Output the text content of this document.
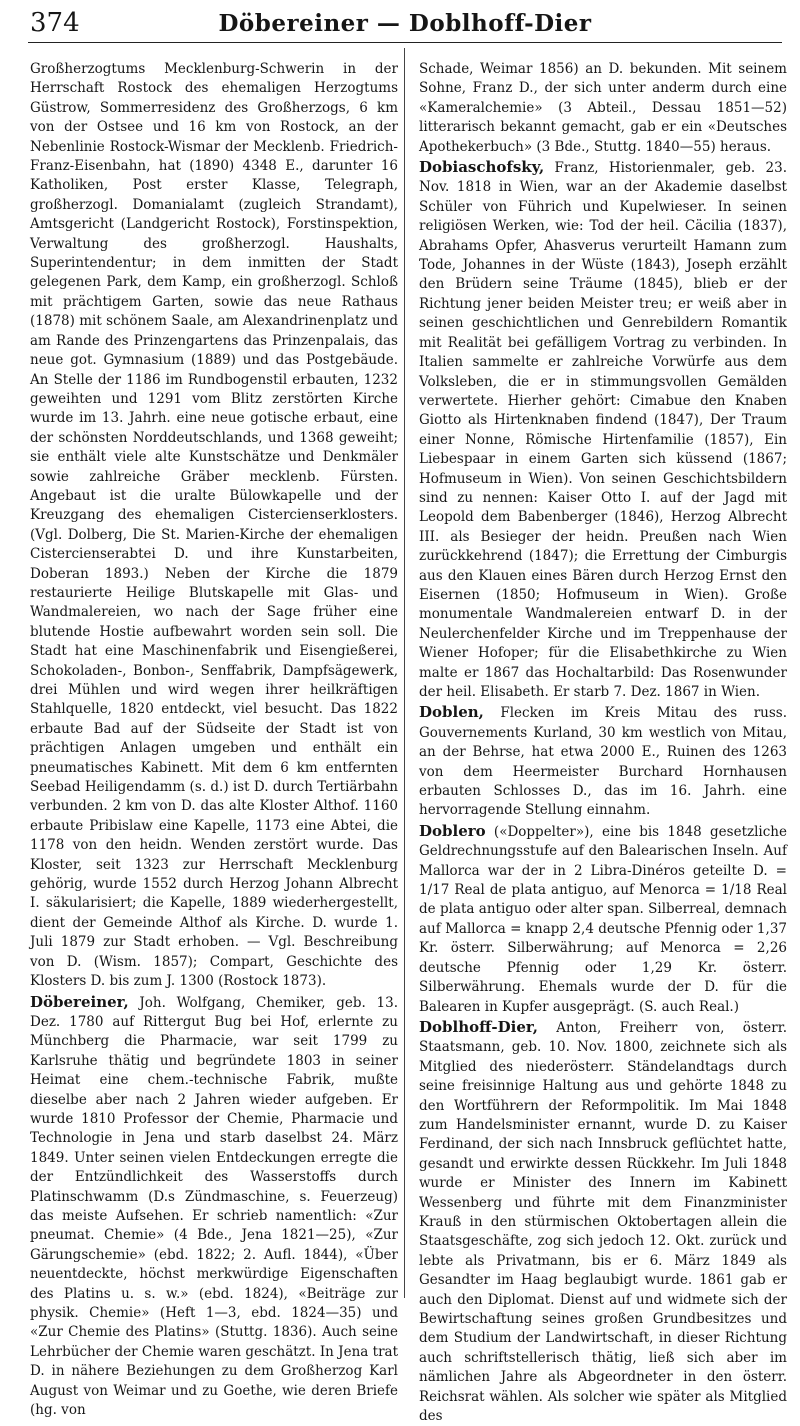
374	Döbereiner — Doblhoff-Dier

Großherzogtums Mecklenburg-Schwerin in der Herrschaft Rostock des ehemaligen Herzogtums Güstrow, Sommerresidenz des Großherzogs, 6 km von der Ostsee und 16 km von Rostock, an der Nebenlinie Rostock-Wismar der Mecklenb. Friedrich-Franz-Eisenbahn, hat (1890) 4348 E., darunter 16 Katholiken, Post erster Klasse, Telegraph, großherzogl. Domanialamt (zugleich Strandamt), Amtsgericht (Landgericht Rostock), Forstinspektion, Verwaltung des großherzogl. Haushalts, Superintendentur; in dem inmitten der Stadt gelegenen Park, dem Kamp, ein großherzogl. Schloß mit prächtigem Garten, sowie das neue Rathaus (1878) mit schönem Saale, am Alexandrinenplatz und am Rande des Prinzengartens das Prinzenpalais, das neue got. Gymnasium (1889) und das Postgebäude. An Stelle der 1186 im Rundbogenstil erbauten, 1232 geweihten und 1291 vom Blitz zerstörten Kirche wurde im 13. Jahrh. eine neue gotische erbaut, eine der schönsten Norddeutschlands, und 1368 geweiht; sie enthält viele alte Kunstschätze und Denkmäler sowie zahlreiche Gräber mecklenb. Fürsten. Angebaut ist die uralte Bülowkapelle und der Kreuzgang des ehemaligen Cistercienserklosters. (Vgl. Dolberg, Die St. Marien-Kirche der ehemaligen Cistercienserabtei D. und ihre Kunstarbeiten, Doberan 1893.) Neben der Kirche die 1879 restaurierte Heilige Blutskapelle mit Glas- und Wandmalereien, wo nach der Sage früher eine blutende Hostie aufbewahrt worden sein soll. Die Stadt hat eine Maschinenfabrik und Eisengießerei, Schokoladen-, Bonbon-, Senffabrik, Dampfsägewerk, drei Mühlen und wird wegen ihrer heilkräftigen Stahlquelle, 1820 entdeckt, viel besucht. Das 1822 erbaute Bad auf der Südseite der Stadt ist von prächtigen Anlagen umgeben und enthält ein pneumatisches Kabinett. Mit dem 6 km entfernten Seebad Heiligendamm (s. d.) ist D. durch Tertiärbahn verbunden. 2 km von D. das alte Kloster Althof. 1160 erbaute Pribislaw eine Kapelle, 1173 eine Abtei, die 1178 von den heidn. Wenden zerstört wurde. Das Kloster, seit 1323 zur Herrschaft Mecklenburg gehörig, wurde 1552 durch Herzog Johann Albrecht I. säkularisiert; die Kapelle, 1889 wiederhergestellt, dient der Gemeinde Althof als Kirche. D. wurde 1. Juli 1879 zur Stadt erhoben. — Vgl. Beschreibung von D. (Wism. 1857); Compart, Geschichte des Klosters D. bis zum J. 1300 (Rostock 1873).

Döbereiner, Joh. Wolfgang, Chemiker, geb. 13. Dez. 1780 auf Rittergut Bug bei Hof, erlernte zu Münchberg die Pharmacie, war seit 1799 zu Karlsruhe thätig und begründete 1803 in seiner Heimat eine chem.-technische Fabrik, mußte dieselbe aber nach 2 Jahren wieder aufgeben. Er wurde 1810 Professor der Chemie, Pharmacie und Technologie in Jena und starb daselbst 24. März 1849. Unter seinen vielen Entdeckungen erregte die der Entzündlichkeit des Wasserstoffs durch Platinschwamm (D.s Zündmaschine, s. Feuerzeug) das meiste Aufsehen. Er schrieb namentlich: «Zur pneumat. Chemie» (4 Bde., Jena 1821—25), «Zur Gärungschemie» (ebd. 1822; 2. Aufl. 1844), «Über neuentdeckte, höchst merkwürdige Eigenschaften des Platins u. s. w.» (ebd. 1824), «Beiträge zur physik. Chemie» (Heft 1—3, ebd. 1824—35) und «Zur Chemie des Platins» (Stuttg. 1836). Auch seine Lehrbücher der Chemie waren geschätzt. In Jena trat D. in nähere Beziehungen zu dem Großherzog Karl August von Weimar und zu Goethe, wie deren Briefe (hg. von

Schade, Weimar 1856) an D. bekunden. Mit seinem Sohne, Franz D., der sich unter anderm durch eine «Kameralchemie» (3 Abteil., Dessau 1851—52) litterarisch bekannt gemacht, gab er ein «Deutsches Apothekerbuch» (3 Bde., Stuttg. 1840—55) heraus.

Dobiaschofsky, Franz, Historienmaler, geb. 23. Nov. 1818 in Wien, war an der Akademie daselbst Schüler von Führich und Kupelwieser. In seinen religiösen Werken, wie: Tod der heil. Cäcilia (1837), Abrahams Opfer, Ahasverus verurteilt Hamann zum Tode, Johannes in der Wüste (1843), Joseph erzählt den Brüdern seine Träume (1845), blieb er der Richtung jener beiden Meister treu; er weiß aber in seinen geschichtlichen und Genrebildern Romantik mit Realität bei gefälligem Vortrag zu verbinden. In Italien sammelte er zahlreiche Vorwürfe aus dem Volksleben, die er in stimmungsvollen Gemälden verwertete. Hierher gehört: Cimabue den Knaben Giotto als Hirtenknaben findend (1847), Der Traum einer Nonne, Römische Hirtenfamilie (1857), Ein Liebespaar in einem Garten sich küssend (1867; Hofmuseum in Wien). Von seinen Geschichtsbildern sind zu nennen: Kaiser Otto I. auf der Jagd mit Leopold dem Babenberger (1846), Herzog Albrecht III. als Besieger der heidn. Preußen nach Wien zurückkehrend (1847); die Errettung der Cimburgis aus den Klauen eines Bären durch Herzog Ernst den Eisernen (1850; Hofmuseum in Wien). Große monumentale Wandmalereien entwarf D. in der Neulerchenfelder Kirche und im Treppenhause der Wiener Hofoper; für die Elisabethkirche zu Wien malte er 1867 das Hochaltarbild: Das Rosenwunder der heil. Elisabeth. Er starb 7. Dez. 1867 in Wien.

Doblen, Flecken im Kreis Mitau des russ. Gouvernements Kurland, 30 km westlich von Mitau, an der Behrse, hat etwa 2000 E., Ruinen des 1263 von dem Heermeister Burchard Hornhausen erbauten Schlosses D., das im 16. Jahrh. eine hervorragende Stellung einnahm.

Doblero («Doppelter»), eine bis 1848 gesetzliche Geldrechnungsstufe auf den Balearischen Inseln. Auf Mallorca war der in 2 Libra-Dinéros geteilte D. = 1/17 Real de plata antiguo, auf Menorca = 1/18 Real de plata antiguo oder alter span. Silberreal, demnach auf Mallorca = knapp 2,4 deutsche Pfennig oder 1,37 Kr. österr. Silberwährung; auf Menorca = 2,26 deutsche Pfennig oder 1,29 Kr. österr. Silberwährung. Ehemals wurde der D. für die Balearen in Kupfer ausgeprägt. (S. auch Real.)

Doblhoff-Dier, Anton, Freiherr von, österr. Staatsmann, geb. 10. Nov. 1800, zeichnete sich als Mitglied des niederösterr. Ständelandtags durch seine freisinnige Haltung aus und gehörte 1848 zu den Wortführern der Reformpolitik. Im Mai 1848 zum Handelsminister ernannt, wurde D. zu Kaiser Ferdinand, der sich nach Innsbruck geflüchtet hatte, gesandt und erwirkte dessen Rückkehr. Im Juli 1848 wurde er Minister des Innern im Kabinett Wessenberg und führte mit dem Finanzminister Krauß in den stürmischen Oktobertagen allein die Staatsgeschäfte, zog sich jedoch 12. Okt. zurück und lebte als Privatmann, bis er 6. März 1849 als Gesandter im Haag beglaubigt wurde. 1861 gab er auch den Diplomat. Dienst auf und widmete sich der Bewirtschaftung seines großen Grundbesitzes und dem Studium der Landwirtschaft, in dieser Richtung auch schriftstellerisch thätig, ließ sich aber im nämlichen Jahre als Abgeordneter in den österr. Reichsrat wählen. Als solcher wie später als Mitglied des
